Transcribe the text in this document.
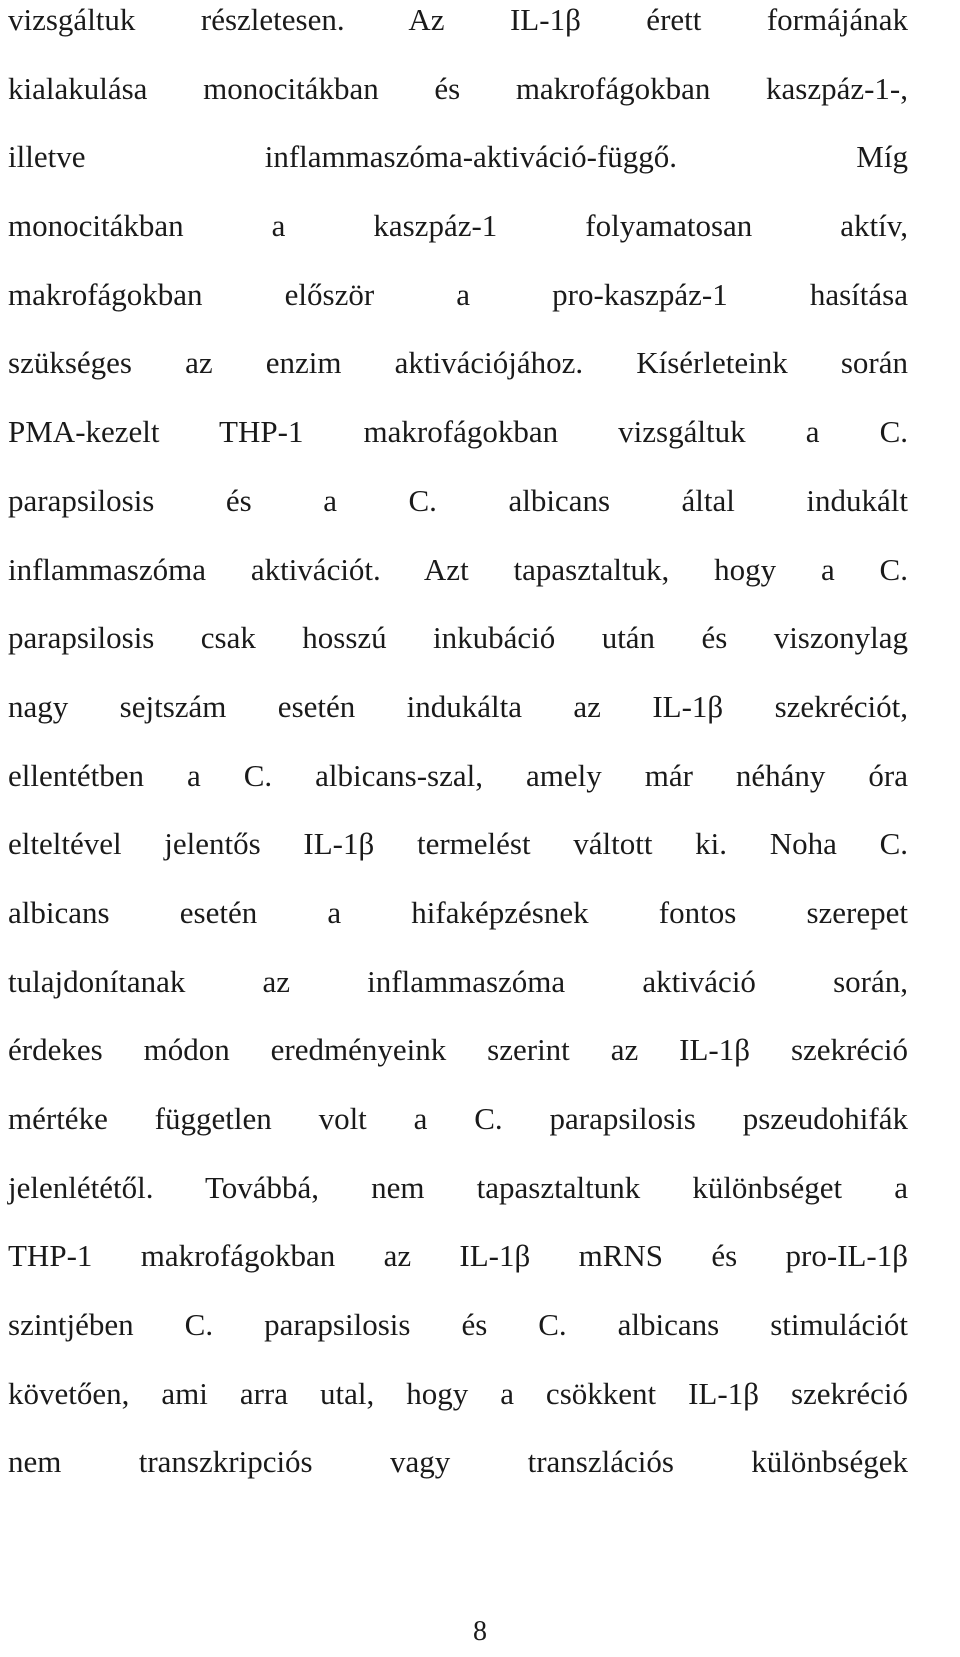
vizsgáltuk részletesen. Az IL-1β érett formájának
kialakulása monocitákban és makrofágokban kaszpáz-1-,
illetve inflammaszóma-aktiváció-függő. Míg
monocitákban a kaszpáz-1 folyamatosan aktív,
makrofágokban először a pro-kaszpáz-1 hasítása
szükséges az enzim aktivációjához. Kísérleteink során
PMA-kezelt THP-1 makrofágokban vizsgáltuk a C.
parapsilosis és a C. albicans által indukált
inflammaszóma aktivációt. Azt tapasztaltuk, hogy a C.
parapsilosis csak hosszú inkubáció után és viszonylag
nagy sejtszám esetén indukálta az IL-1β szekréciót,
ellentétben a C. albicans-szal, amely már néhány óra
elteltével jelentős IL-1β termelést váltott ki. Noha C.
albicans esetén a hifaképzésnek fontos szerepet
tulajdonítanak az inflammaszóma aktiváció során,
érdekes módon eredményeink szerint az IL-1β szekréció
mértéke független volt a C. parapsilosis pszeudohifák
jelenlététől. Továbbá, nem tapasztaltunk különbséget a
THP-1 makrofágokban az IL-1β mRNS és pro-IL-1β
szintjében C. parapsilosis és C. albicans stimulációt
követően, ami arra utal, hogy a csökkent IL-1β szekréció
nem transzkripciós vagy transzlációs különbségek
8
